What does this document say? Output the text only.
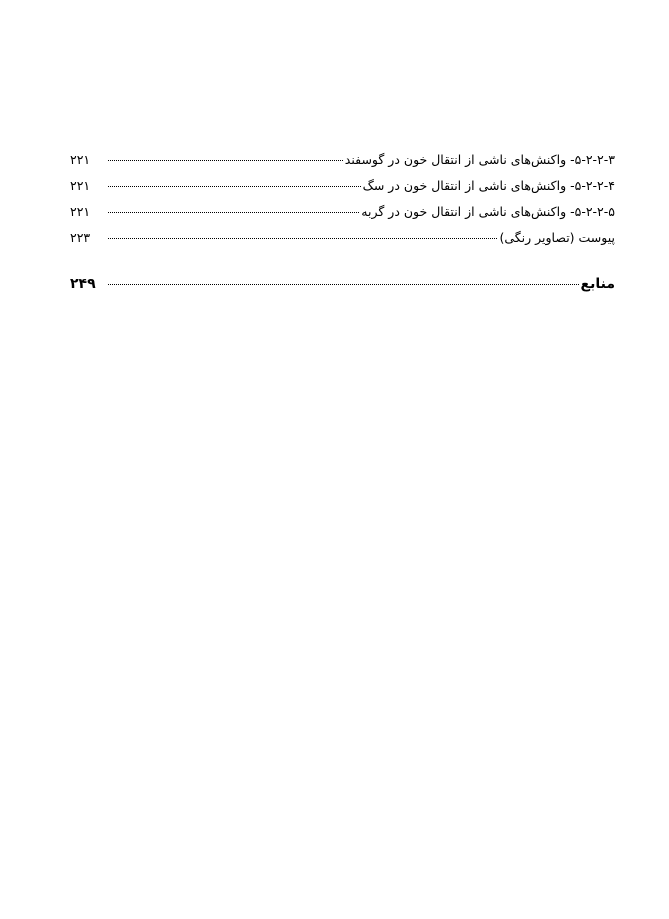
۵-۲-۲-۳- واکنش‌های ناشی از انتقال خون در گوسفند
۲۲۱
۵-۲-۲-۴- واکنش‌های ناشی از انتقال خون در سگ
۲۲۱
۵-۲-۲-۵- واکنش‌های ناشی از انتقال خون در گربه
۲۲۱
پیوست (تصاویر رنگی)
۲۲۳
منابع
۲۴۹
